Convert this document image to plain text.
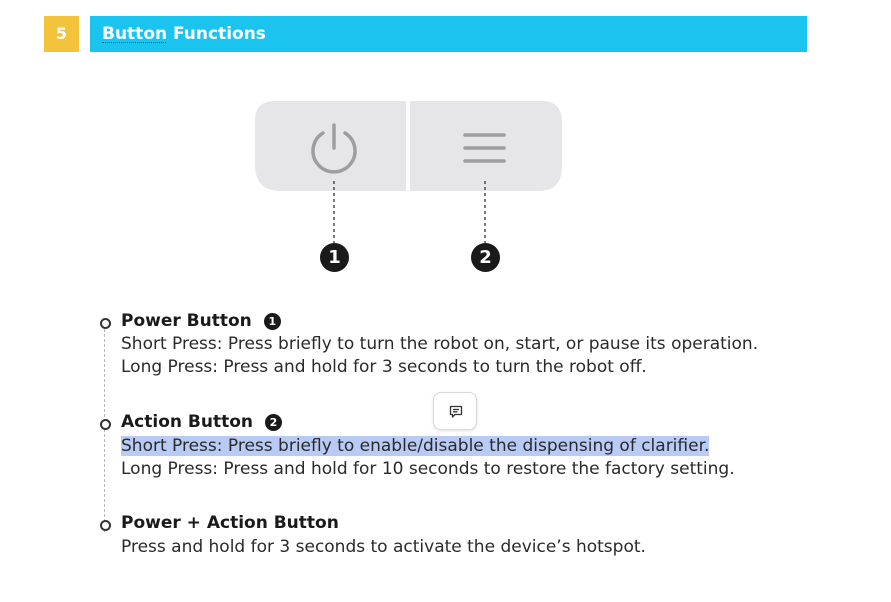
5	Button Functions
1	2
Power Button	1
Short Press: Press briefly to turn the robot on, start, or pause its operation.
Long Press: Press and hold for 3 seconds to turn the robot off.
Action Button	2
Short Press: Press briefly to enable/disable the dispensing of clarifier.
Long Press: Press and hold for 10 seconds to restore the factory setting.
Power + Action Button
Press and hold for 3 seconds to activate the device’s hotspot.
